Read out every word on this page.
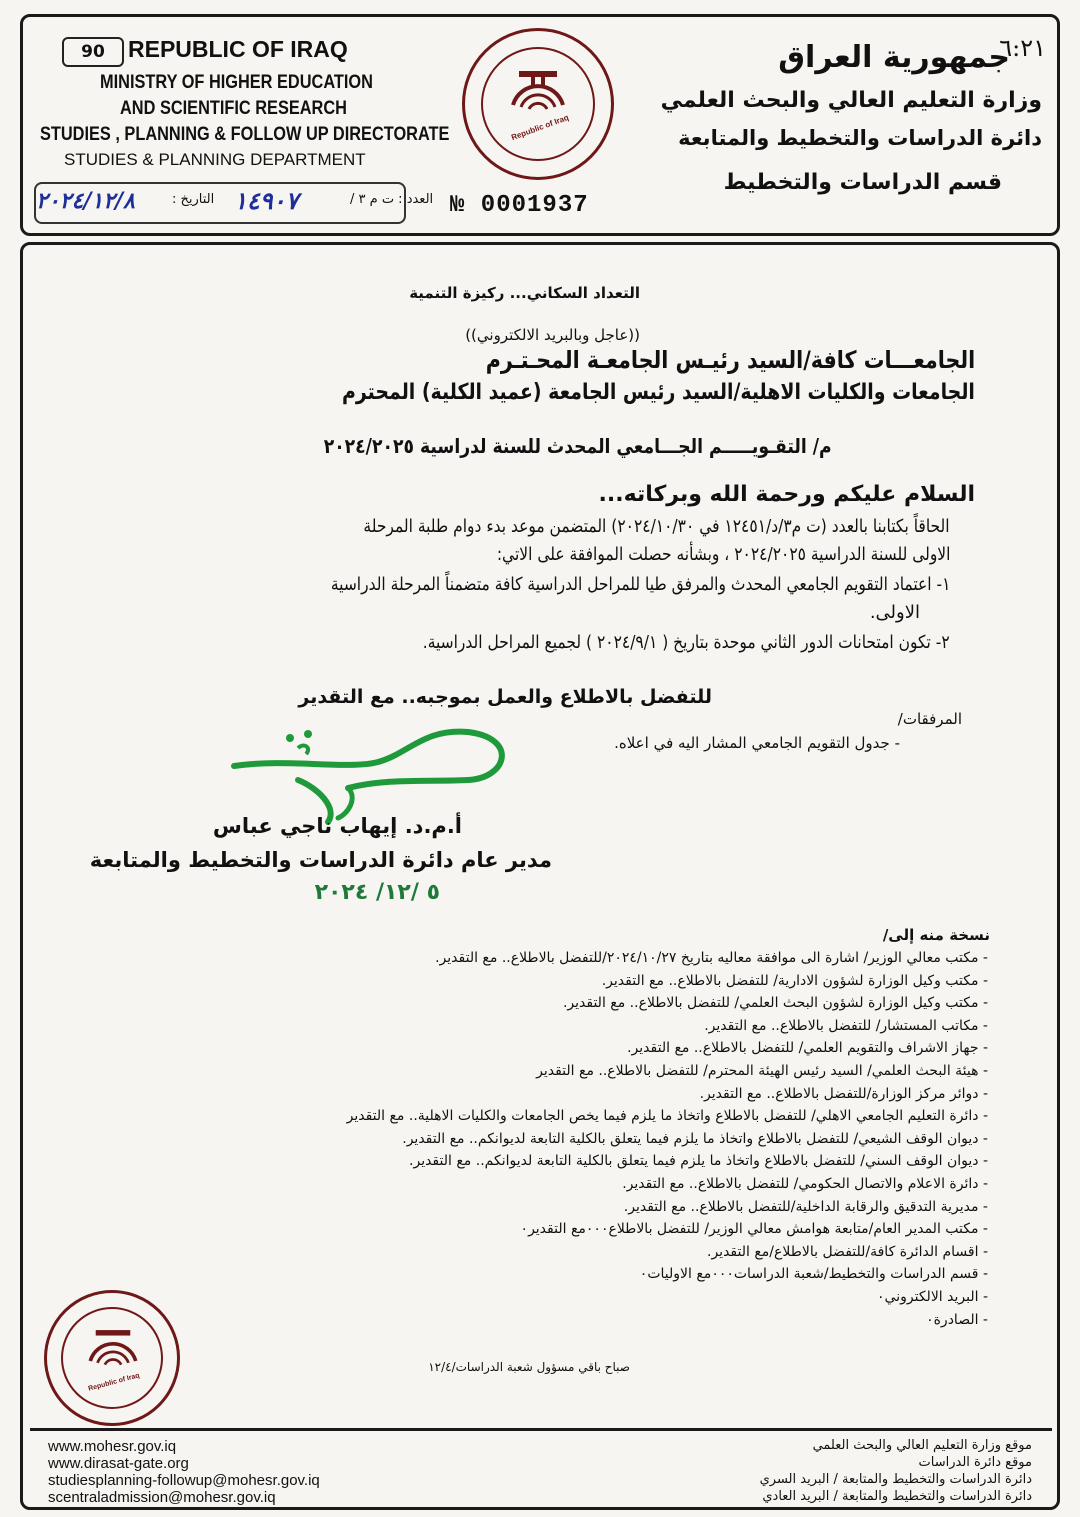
90	REPUBLIC OF IRAQ
MINISTRY OF HIGHER EDUCATION
AND SCIENTIFIC RESEARCH
STUDIES , PLANNING & FOLLOW UP DIRECTORATE
STUDIES & PLANNING DEPARTMENT
العدد : ت م ٣ /
١٤٩٠٧
التاريخ :
٢٠٢٤/١٢/٨
Republic of Iraq
№ 0001937
٦:٢١
جمهورية العراق
وزارة التعليم العالي والبحث العلمي
دائرة الدراسات والتخطيط والمتابعة
قسم الدراسات والتخطيط
التعداد السكاني... ركيزة التنمية
((عاجل وبالبريد الالكتروني))
الجامعـــات كافة/السيد رئيـس الجامعـة المحـتـرم
الجامعات والكليات الاهلية/السيد رئيس الجامعة (عميد الكلية) المحترم
م/ التقـويـــــم الجـــامعي المحدث للسنة لدراسية ٢٠٢٤/٢٠٢٥
السلام عليكم ورحمة الله وبركاته...
الحاقاً بكتابنا بالعدد (ت م٣/د/١٢٤٥١ في ٢٠٢٤/١٠/٣٠) المتضمن موعد بدء دوام طلبة المرحلة
الاولى للسنة الدراسية ٢٠٢٤/٢٠٢٥ ، وبشأنه حصلت الموافقة على الاتي:
١- اعتماد التقويم الجامعي المحدث والمرفق طيا للمراحل الدراسية كافة متضمناً المرحلة الدراسية
الاولى.
٢- تكون امتحانات الدور الثاني موحدة بتاريخ ( ٢٠٢٤/٩/١ ) لجميع المراحل الدراسية.
للتفضل بالاطلاع والعمل بموجبه.. مع التقدير
المرفقات/
- جدول التقويم الجامعي المشار اليه في اعلاه.
أ.م.د. إيهاب ناجي عباس
مدير عام دائرة الدراسات والتخطيط والمتابعة
٥ /١٢/ ٢٠٢٤
نسخة منه إلى/
- مكتب معالي الوزير/ اشارة الى موافقة معاليه بتاريخ ٢٠٢٤/١٠/٢٧/للتفضل بالاطلاع.. مع التقدير.
- مكتب وكيل الوزارة لشؤون الادارية/ للتفضل بالاطلاع.. مع التقدير.
- مكتب وكيل الوزارة لشؤون البحث العلمي/ للتفضل بالاطلاع.. مع التقدير.
- مكاتب المستشار/ للتفضل بالاطلاع.. مع التقدير.
- جهاز الاشراف والتقويم العلمي/ للتفضل بالاطلاع.. مع التقدير.
- هيئة البحث العلمي/ السيد رئيس الهيئة المحترم/ للتفضل بالاطلاع.. مع التقدير
- دوائر مركز الوزارة/للتفضل بالاطلاع.. مع التقدير.
- دائرة التعليم الجامعي الاهلي/ للتفضل بالاطلاع واتخاذ ما يلزم فيما يخص الجامعات والكليات الاهلية.. مع التقدير
- ديوان الوقف الشيعي/ للتفضل بالاطلاع واتخاذ ما يلزم فيما يتعلق بالكلية التابعة لديوانكم.. مع التقدير.
- ديوان الوقف السني/ للتفضل بالاطلاع واتخاذ ما يلزم فيما يتعلق بالكلية التابعة لديوانكم.. مع التقدير.
- دائرة الاعلام والاتصال الحكومي/ للتفضل بالاطلاع.. مع التقدير.
- مديرية التدقيق والرقابة الداخلية/للتفضل بالاطلاع.. مع التقدير.
- مكتب المدير العام/متابعة هوامش معالي الوزير/ للتفضل بالاطلاع٠٠٠مع التقدير٠
- اقسام الدائرة كافة/للتفضل بالاطلاع/مع التقدير.
- قسم الدراسات والتخطيط/شعبة الدراسات٠٠٠مع الاوليات٠
- البريد الالكتروني٠
- الصادرة٠
صباح باقي مسؤول شعبة الدراسات/١٢/٤
Republic of Iraq
www.mohesr.gov.iq
www.dirasat-gate.org
studiesplanning-followup@mohesr.gov.iq
scentraladmission@mohesr.gov.iq
موقع وزارة التعليم العالي والبحث العلمي
موقع دائرة الدراسات
دائرة الدراسات والتخطيط والمتابعة / البريد السري
دائرة الدراسات والتخطيط والمتابعة / البريد العادي
